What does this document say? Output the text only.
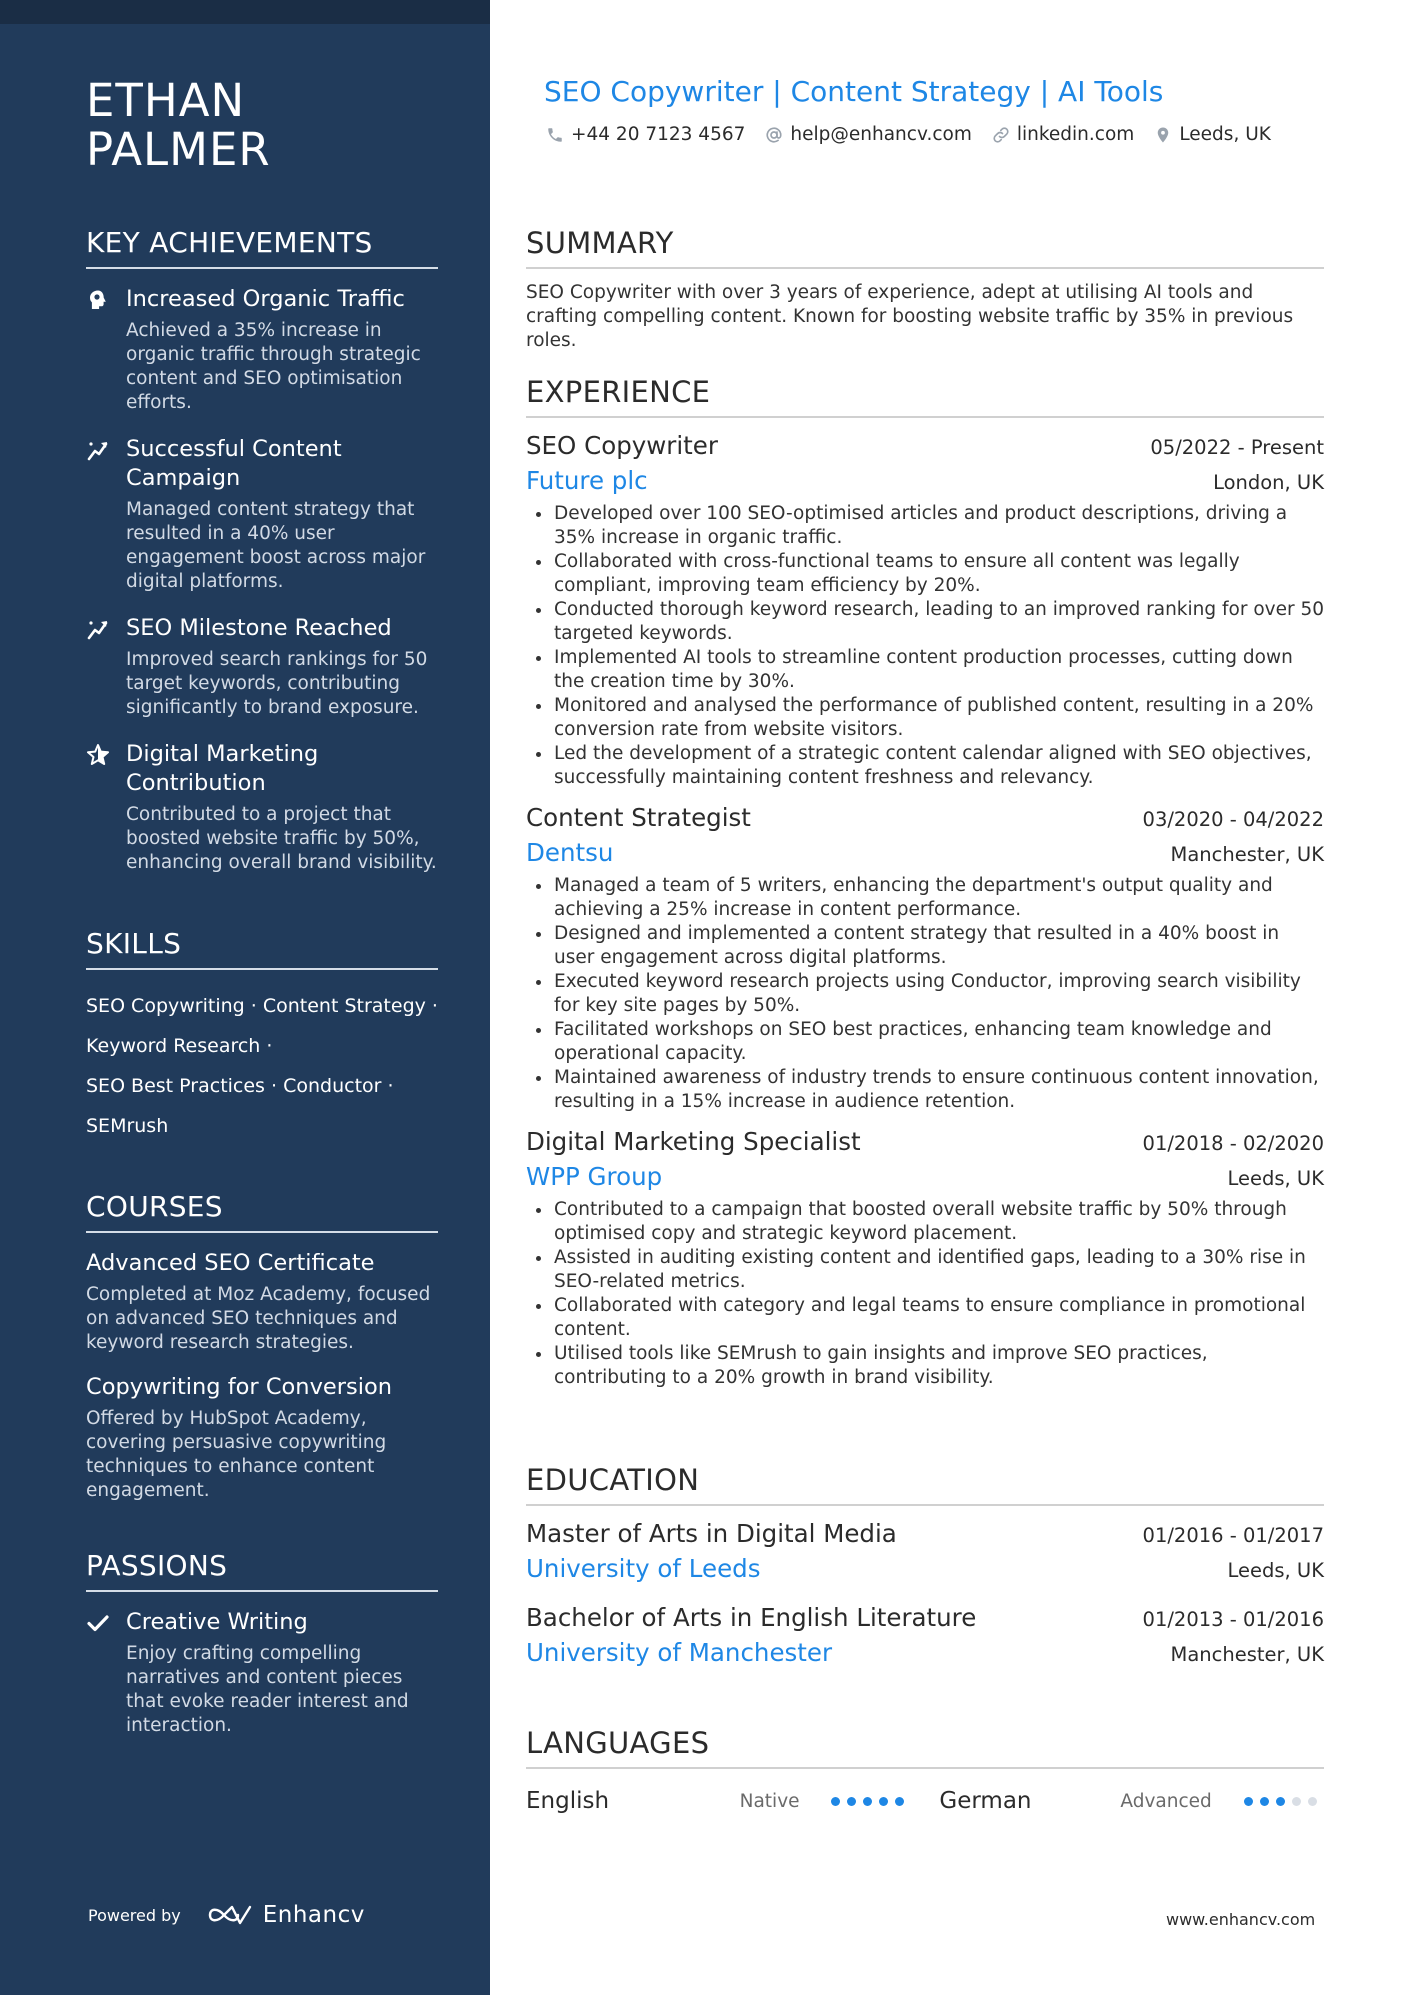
ETHAN
PALMER
KEY ACHIEVEMENTS
Increased Organic Traffic
Achieved a 35% increase in organic traffic through strategic content and SEO optimisation efforts.
Successful Content Campaign
Managed content strategy that resulted in a 40% user engagement boost across major digital platforms.
SEO Milestone Reached
Improved search rankings for 50 target keywords, contributing significantly to brand exposure.
Digital Marketing Contribution
Contributed to a project that boosted website traffic by 50%, enhancing overall brand visibility.
SKILLS
SEO Copywriting · Content Strategy · Keyword Research · SEO Best Practices · Conductor · SEMrush
COURSES
Advanced SEO Certificate
Completed at Moz Academy, focused on advanced SEO techniques and keyword research strategies.
Copywriting for Conversion
Offered by HubSpot Academy, covering persuasive copywriting techniques to enhance content engagement.
PASSIONS
Creative Writing
Enjoy crafting compelling narratives and content pieces that evoke reader interest and interaction.
Powered by	Enhancv
SEO Copywriter | Content Strategy | AI Tools
+44 20 7123 4567 help@enhancv.com linkedin.com Leeds, UK
SUMMARY
SEO Copywriter with over 3 years of experience, adept at utilising AI tools and crafting compelling content. Known for boosting website traffic by 35% in previous roles.
EXPERIENCE
SEO Copywriter	05/2022 - Present
Future plc	London, UK
Developed over 100 SEO-optimised articles and product descriptions, driving a 35% increase in organic traffic.
Collaborated with cross-functional teams to ensure all content was legally compliant, improving team efficiency by 20%.
Conducted thorough keyword research, leading to an improved ranking for over 50 targeted keywords.
Implemented AI tools to streamline content production processes, cutting down the creation time by 30%.
Monitored and analysed the performance of published content, resulting in a 20% conversion rate from website visitors.
Led the development of a strategic content calendar aligned with SEO objectives, successfully maintaining content freshness and relevancy.
Content Strategist	03/2020 - 04/2022
Dentsu	Manchester, UK
Managed a team of 5 writers, enhancing the department's output quality and achieving a 25% increase in content performance.
Designed and implemented a content strategy that resulted in a 40% boost in user engagement across digital platforms.
Executed keyword research projects using Conductor, improving search visibility for key site pages by 50%.
Facilitated workshops on SEO best practices, enhancing team knowledge and operational capacity.
Maintained awareness of industry trends to ensure continuous content innovation, resulting in a 15% increase in audience retention.
Digital Marketing Specialist	01/2018 - 02/2020
WPP Group	Leeds, UK
Contributed to a campaign that boosted overall website traffic by 50% through optimised copy and strategic keyword placement.
Assisted in auditing existing content and identified gaps, leading to a 30% rise in SEO-related metrics.
Collaborated with category and legal teams to ensure compliance in promotional content.
Utilised tools like SEMrush to gain insights and improve SEO practices, contributing to a 20% growth in brand visibility.
EDUCATION
Master of Arts in Digital Media	01/2016 - 01/2017
University of Leeds	Leeds, UK
Bachelor of Arts in English Literature	01/2013 - 01/2016
University of Manchester	Manchester, UK
LANGUAGES
English	Native	German	Advanced
www.enhancv.com
